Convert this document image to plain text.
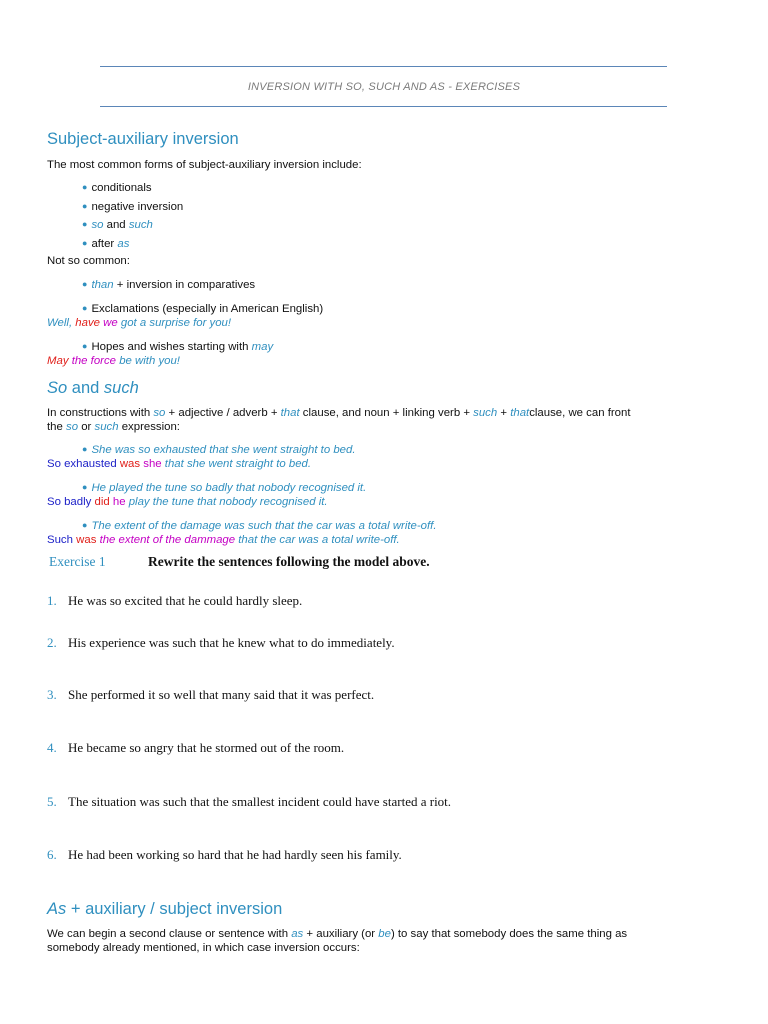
INVERSION WITH SO, SUCH AND AS - EXERCISES
Subject-auxiliary inversion
The most common forms of subject-auxiliary inversion include:
● conditionals
● negative inversion
● so and such
● after as
Not so common:
● than + inversion in comparatives
● Exclamations (especially in American English)
Well, have we got a surprise for you!
● Hopes and wishes starting with may
May the force be with you!
So and such
In constructions with so + adjective / adverb + that clause, and noun + linking verb + such + thatclause, we can front
the so or such expression:
● She was so exhausted that she went straight to bed.
So exhausted was she that she went straight to bed.
● He played the tune so badly that nobody recognised it.
So badly did he play the tune that nobody recognised it.
● The extent of the damage was such that the car was a total write-off.
Such was the extent of the dammage that the car was a total write-off.
Exercise 1	Rewrite the sentences following the model above.
1. He was so excited that he could hardly sleep.
2. His experience was such that he knew what to do immediately.
3. She performed it so well that many said that it was perfect.
4. He became so angry that he stormed out of the room.
5. The situation was such that the smallest incident could have started a riot.
6. He had been working so hard that he had hardly seen his family.
As + auxiliary / subject inversion
We can begin a second clause or sentence with as + auxiliary (or be) to say that somebody does the same thing as
somebody already mentioned, in which case inversion occurs:
